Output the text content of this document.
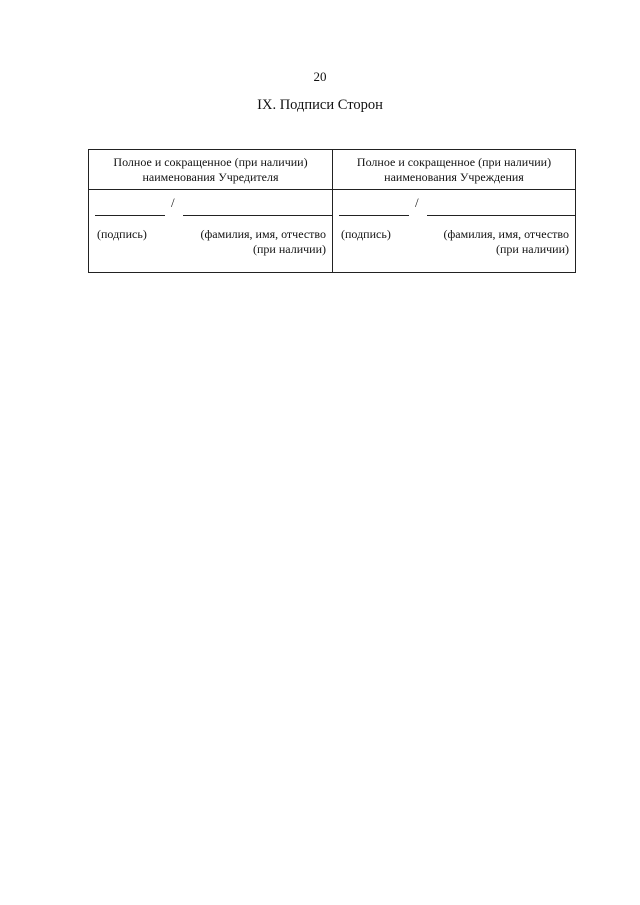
20
IX. Подписи Сторон
Полное и сокращенное (при наличии)
наименования Учредителя
/
(подпись)	(фамилия, имя, отчество
(при наличии)
Полное и сокращенное (при наличии)
наименования Учреждения
/
(подпись)	(фамилия, имя, отчество
(при наличии)
